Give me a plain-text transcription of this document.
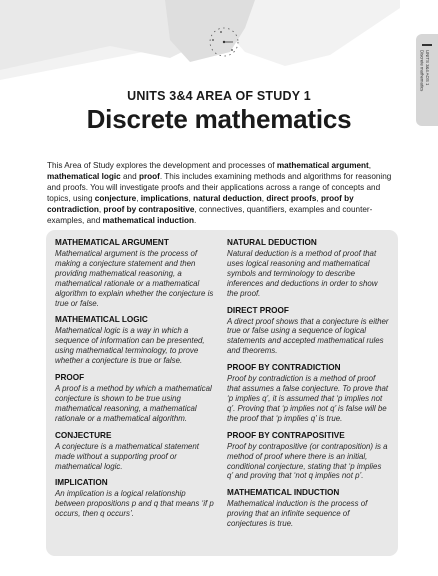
UNITS 3&4 AOS 1
Discrete mathematics
UNITS 3&4 AREA OF STUDY 1
Discrete mathematics
This Area of Study explores the development and processes of mathematical argument, mathematical logic and proof. This includes examining methods and algorithms for reasoning and proofs. You will investigate proofs and their applications across a range of concepts and topics, using conjecture, implications, natural deduction, direct proofs, proof by contradiction, proof by contrapositive, connectives, quantifiers, examples and counter-examples, and mathematical induction.
MATHEMATICAL ARGUMENT

Mathematical argument is the process of making a conjecture statement and then providing mathematical reasoning, a mathematical rationale or a mathematical algorithm to explain whether the conjecture is true or false.

MATHEMATICAL LOGIC

Mathematical logic is a way in which a sequence of information can be presented, using mathematical terminology, to prove whether a conjecture is true or false.

PROOF

A proof is a method by which a mathematical conjecture is shown to be true using mathematical reasoning, a mathematical rationale or a mathematical algorithm.

CONJECTURE

A conjecture is a mathematical statement made without a supporting proof or mathematical logic.

IMPLICATION

An implication is a logical relationship between propositions p and q that means ‘if p occurs, then q occurs’.

NATURAL DEDUCTION

Natural deduction is a method of proof that uses logical reasoning and mathematical symbols and terminology to describe inferences and deductions in order to show the proof.

DIRECT PROOF

A direct proof shows that a conjecture is either true or false using a sequence of logical statements and accepted mathematical rules and theorems.

PROOF BY CONTRADICTION

Proof by contradiction is a method of proof that assumes a false conjecture. To prove that ‘p implies q’, it is assumed that ‘p implies not q’. Proving that ‘p implies not q’ is false will be the proof that ‘p implies q’ is true.

PROOF BY CONTRAPOSITIVE

Proof by contrapositive (or contraposition) is a method of proof where there is an initial, conditional conjecture, stating that ‘p implies q’ and proving that ‘not q implies not p’.

MATHEMATICAL INDUCTION

Mathematical induction is the process of proving that an infinite sequence of conjectures is true.
